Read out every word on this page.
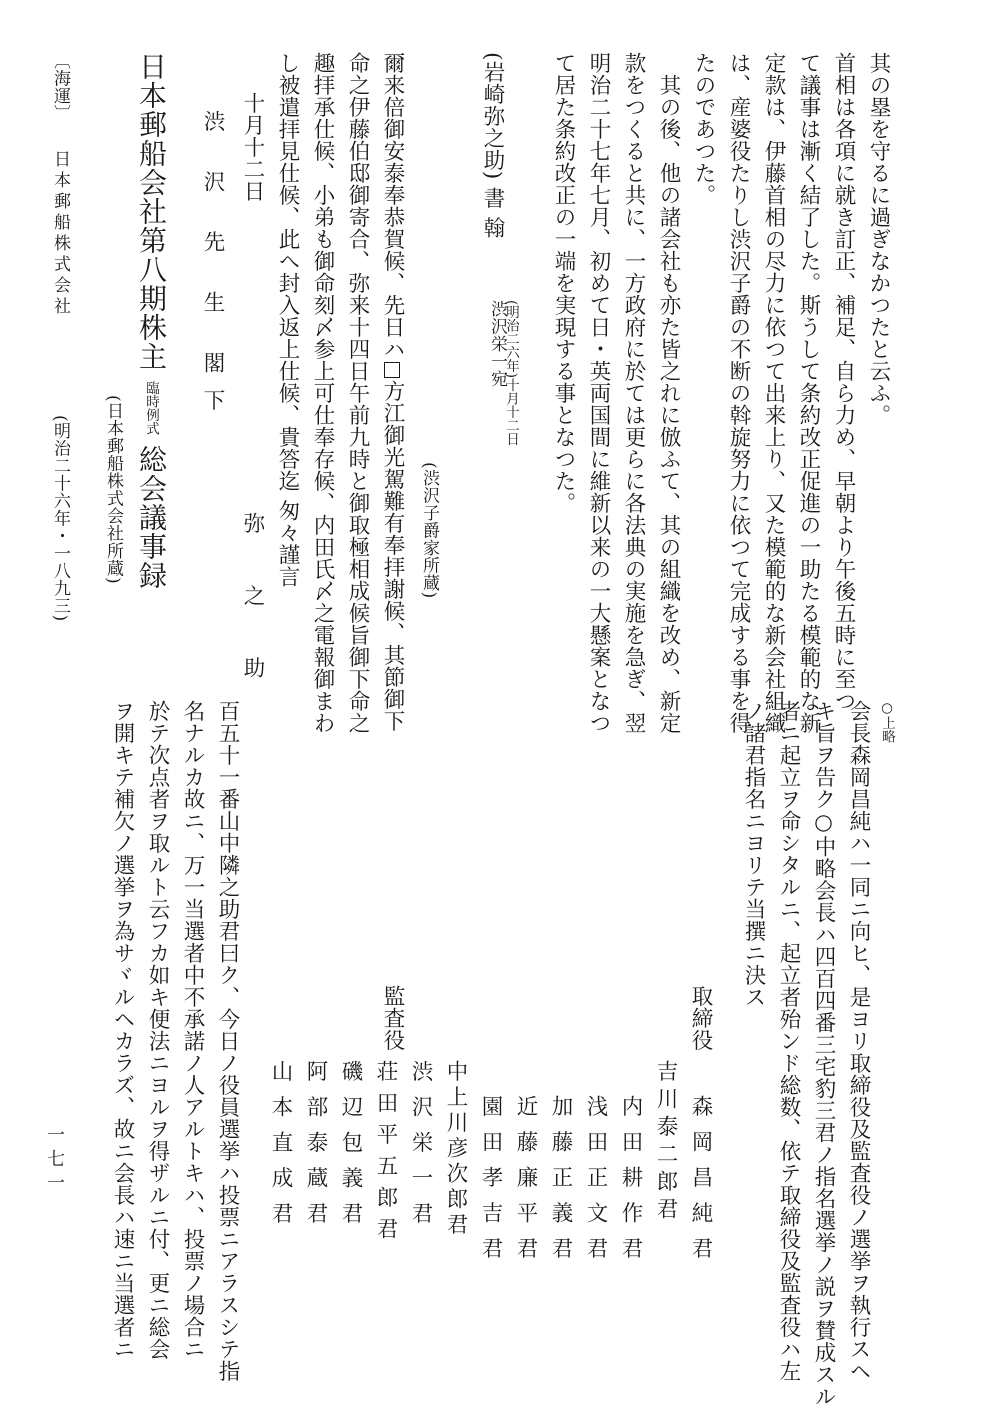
其の塁を守るに過ぎなかつたと云ふ。
首相は各項に就き訂正、補足、自ら力め、早朝より午後五時に至つ
て議事は漸く結了した。斯うして条約改正促進の一助たる模範的な新
定款は、伊藤首相の尽力に依つて出来上り、又た模範的な新会社組織
は、産婆役たりし渋沢子爵の不断の斡旋努力に依つて完成する事を得
たのであつた。
其の後、他の諸会社も亦た皆之れに倣ふて、其の組織を改め、新定
款をつくると共に、一方政府に於ては更らに各法典の実施を急ぎ、翌
明治二十七年七月、初めて日・英両国間に維新以来の一大懸案となつ
て居た条約改正の一端を実現する事となつた。
(岩崎弥之助) 書 翰
渋沢栄一宛
(明治二六年)十月十二日
(渋沢子爵家所蔵)
爾来倍御安泰奉恭賀候、先日ハ方江御光駕難有奉拝謝候、其節御下
命之伊藤伯邸御寄合、弥来十四日午前九時と御取極相成候旨御下命之
趣拝承仕候、小弟も御命刻〆参上可仕奉存候、内田氏〆之電報御まわ
し被遣拝見仕候、此へ封入返上仕候、貴答迄 匆々謹言
十月十二日
弥 之 助
渋 沢 先 生 閣下
日本郵船会社第八期株主 臨時例式 総会議事録
(日本郵船株式会社所蔵)
〔海運〕
日本郵船株式会社
(明治二十六年・一八九三)
○上略
会長森岡昌純ハ一同ニ向ヒ、是ヨリ取締役及監査役ノ選挙ヲ執行スヘ
キ旨ヲ告ク○中略会長ハ四百四番三宅豹三君ノ指名選挙ノ説ヲ賛成スル
者ニ起立ヲ命シタルニ、起立者殆ンド総数、依テ取締役及監査役ハ左
ノ諸君指名ニヨリテ当撰ニ決ス
取締役
森岡昌純君
吉川泰二郎君
内田耕作君
浅田正文君
加藤正義君
近藤廉平君
園田孝吉君
中上川彦次郎君
監査役
渋沢栄一君
荘田平五郎君
磯辺包義君
阿部泰蔵君
山本直成君
百五十一番山中隣之助君曰ク、今日ノ役員選挙ハ投票ニアラスシテ指
名ナルカ故ニ、万一当選者中不承諾ノ人アルトキハ、投票ノ場合ニ
於テ次点者ヲ取ルト云フカ如キ便法ニヨルヲ得ザルニ付、更ニ総会
ヲ開キテ補欠ノ選挙ヲ為サヾルヘカラズ、故ニ会長ハ速ニ当選者ニ
一七一
